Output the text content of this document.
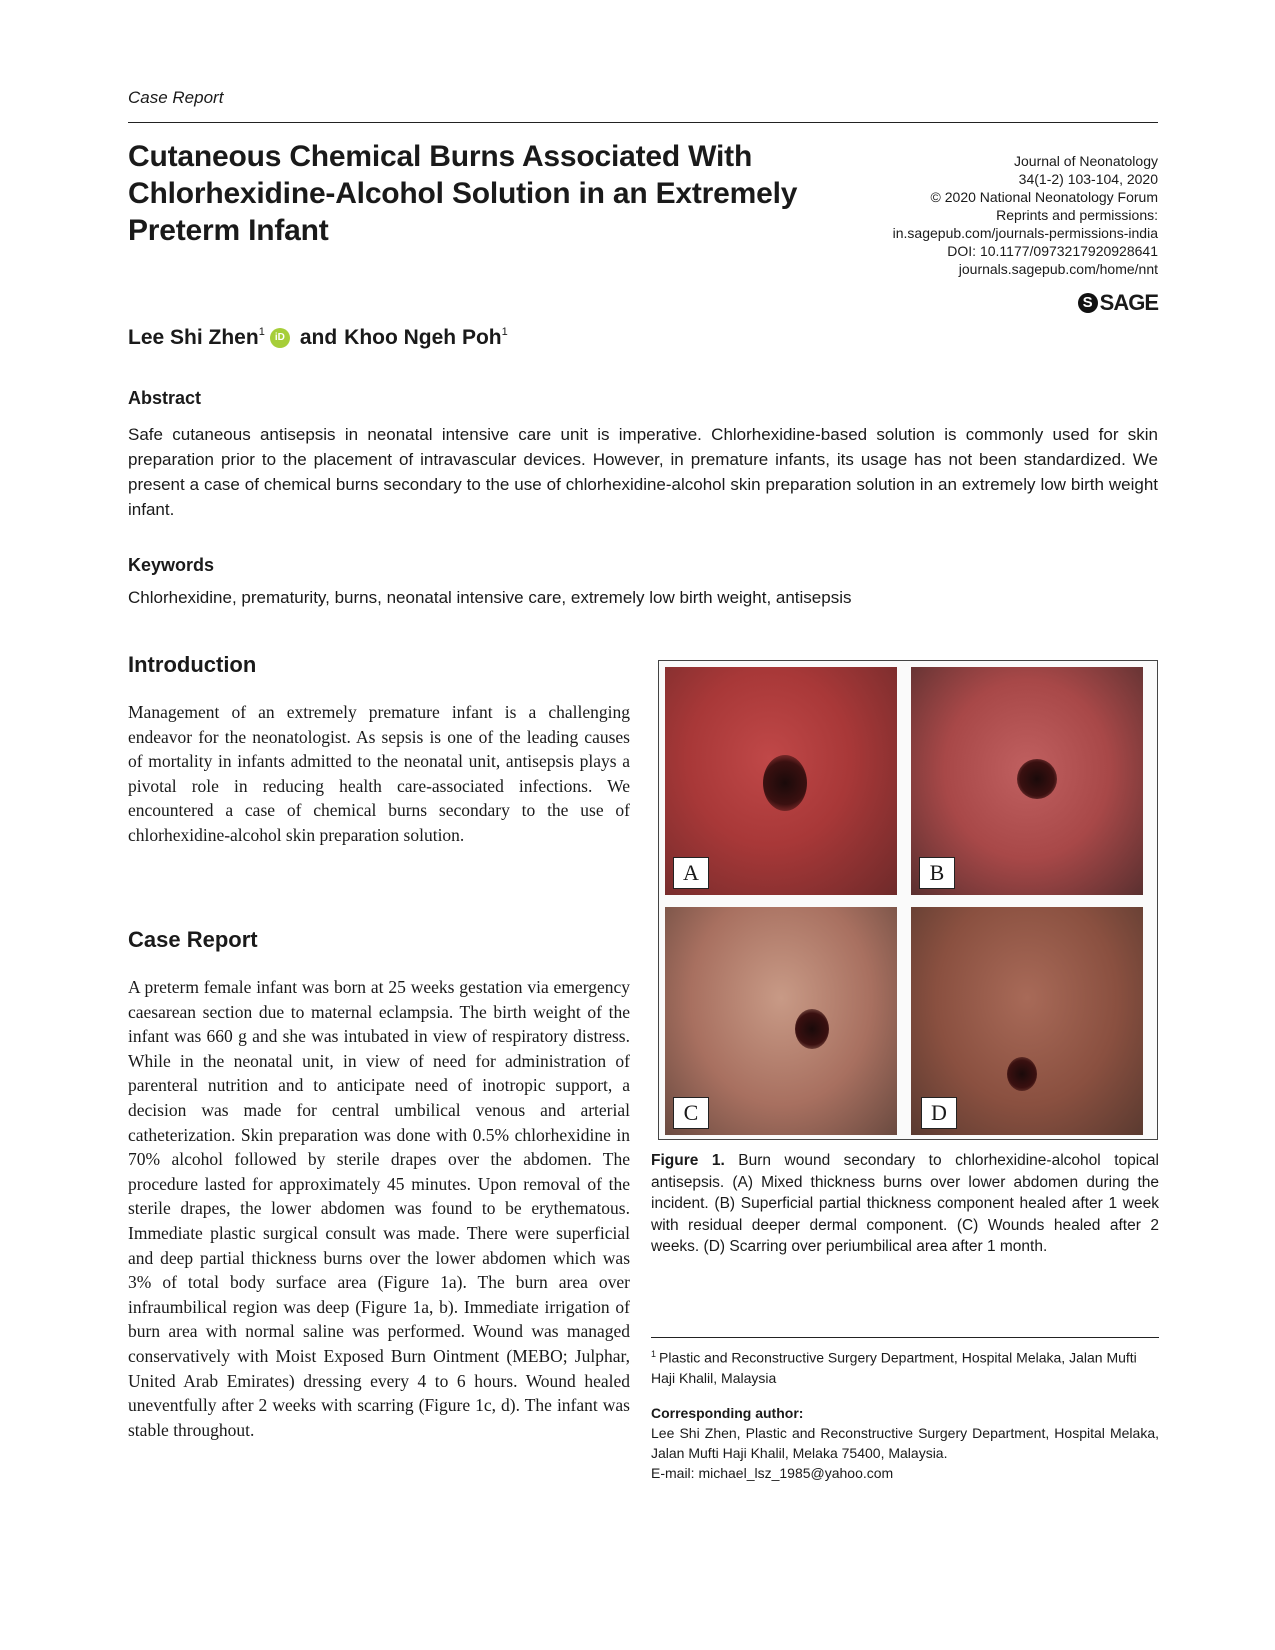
Case Report
Cutaneous Chemical Burns Associated With Chlorhexidine-Alcohol Solution in an Extremely Preterm Infant
Journal of Neonatology
34(1-2) 103-104, 2020
© 2020 National Neonatology Forum
Reprints and permissions:
in.sagepub.com/journals-permissions-india
DOI: 10.1177/0973217920928641
journals.sagepub.com/home/nnt
S SAGE
Lee Shi Zhen$^1$	iD and Khoo Ngeh Poh$^1$
Abstract
Safe cutaneous antisepsis in neonatal intensive care unit is imperative. Chlorhexidine-based solution is commonly used for skin preparation prior to the placement of intravascular devices. However, in premature infants, its usage has not been standardized. We present a case of chemical burns secondary to the use of chlorhexidine-alcohol skin preparation solution in an extremely low birth weight infant.
Keywords
Chlorhexidine, prematurity, burns, neonatal intensive care, extremely low birth weight, antisepsis
Introduction
Management of an extremely premature infant is a challenging endeavor for the neonatologist. As sepsis is one of the leading causes of mortality in infants admitted to the neonatal unit, antisepsis plays a pivotal role in reducing health care-associated infections. We encountered a case of chemical burns secondary to the use of chlorhexidine-alcohol skin preparation solution.
Case Report
A preterm female infant was born at 25 weeks gestation via emergency caesarean section due to maternal eclampsia. The birth weight of the infant was 660 g and she was intubated in view of respiratory distress. While in the neonatal unit, in view of need for administration of parenteral nutrition and to anticipate need of inotropic support, a decision was made for central umbilical venous and arterial catheterization. Skin preparation was done with 0.5% chlorhexidine in 70% alcohol followed by sterile drapes over the abdomen. The procedure lasted for approximately 45 minutes. Upon removal of the sterile drapes, the lower abdomen was found to be erythematous. Immediate plastic surgical consult was made. There were superficial and deep partial thickness burns over the lower abdomen which was 3% of total body surface area (Figure 1a). The burn area over infraumbilical region was deep (Figure 1a, b). Immediate irrigation of burn area with normal saline was performed. Wound was managed conservatively with Moist Exposed Burn Ointment (MEBO; Julphar, United Arab Emirates) dressing every 4 to 6 hours. Wound healed uneventfully after 2 weeks with scarring (Figure 1c, d). The infant was stable throughout.
A	B
C	D
Figure 1. Burn wound secondary to chlorhexidine-alcohol topical antisepsis. (A) Mixed thickness burns over lower abdomen during the incident. (B) Superficial partial thickness component healed after 1 week with residual deeper dermal component. (C) Wounds healed after 2 weeks. (D) Scarring over periumbilical area after 1 month.
$^1$ Plastic and Reconstructive Surgery Department, Hospital Melaka, Jalan Mufti Haji Khalil, Malaysia
Corresponding author:
Lee Shi Zhen, Plastic and Reconstructive Surgery Department, Hospital Melaka, Jalan Mufti Haji Khalil, Melaka 75400, Malaysia.
E-mail: michael_lsz_1985@yahoo.com
